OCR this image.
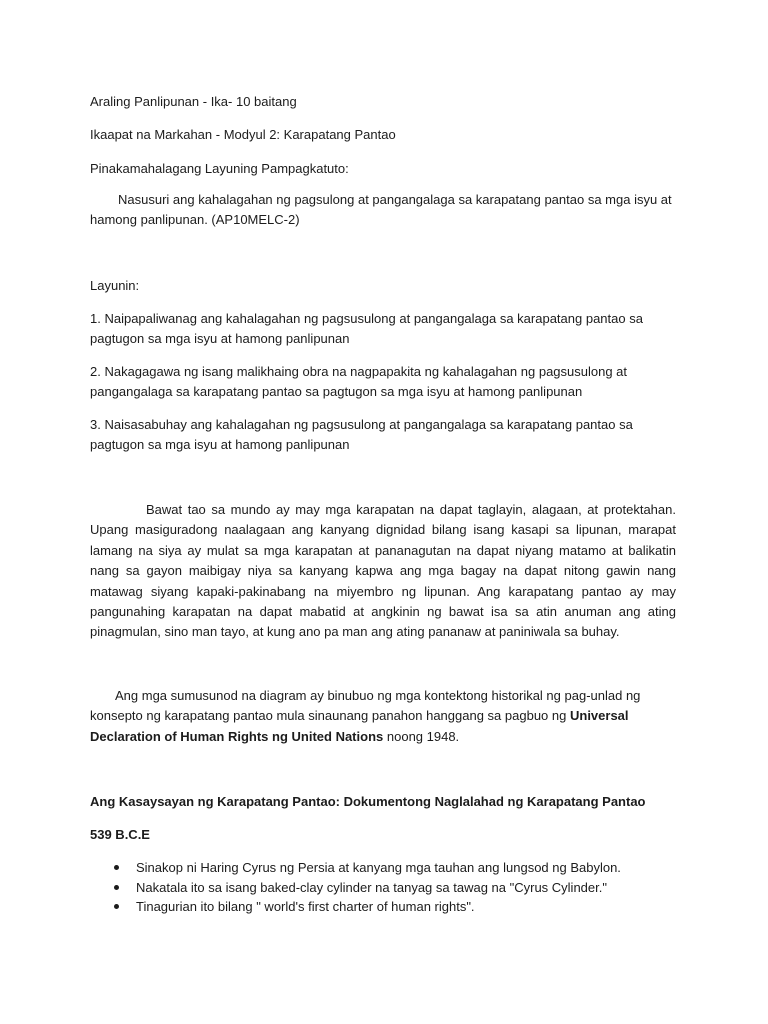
Araling Panlipunan - Ika- 10 baitang
Ikaapat na Markahan - Modyul 2: Karapatang Pantao
Pinakamahalagang Layuning Pampagkatuto:

Nasusuri ang kahalagahan ng pagsulong at pangangalaga sa karapatang pantao sa mga isyu at hamong panlipunan. (AP10MELC-2)

Layunin:

1. Naipapaliwanag ang kahalagahan ng pagsusulong at pangangalaga sa karapatang pantao sa pagtugon sa mga isyu at hamong panlipunan

2. Nakagagawa ng isang malikhaing obra na nagpapakita ng kahalagahan ng pagsusulong at pangangalaga sa karapatang pantao sa pagtugon sa mga isyu at hamong panlipunan

3. Naisasabuhay ang kahalagahan ng pagsusulong at pangangalaga sa karapatang pantao sa pagtugon sa mga isyu at hamong panlipunan

Bawat tao sa mundo ay may mga karapatan na dapat taglayin, alagaan, at protektahan. Upang masiguradong naalagaan ang kanyang dignidad bilang isang kasapi sa lipunan, marapat lamang na siya ay mulat sa mga karapatan at pananagutan na dapat niyang matamo at balikatin nang sa gayon maibigay niya sa kanyang kapwa ang mga bagay na dapat nitong gawin nang matawag siyang kapaki-pakinabang na miyembro ng lipunan. Ang karapatang pantao ay may pangunahing karapatan na dapat mabatid at angkinin ng bawat isa sa atin anuman ang ating pinagmulan, sino man tayo, at kung ano pa man ang ating pananaw at paniniwala sa buhay.

Ang mga sumusunod na diagram ay binubuo ng mga kontektong historikal ng pag-unlad ng konsepto ng karapatang pantao mula sinaunang panahon hanggang sa pagbuo ng Universal Declaration of Human Rights ng United Nations noong 1948.

Ang Kasaysayan ng Karapatang Pantao: Dokumentong Naglalahad ng Karapatang Pantao
539 B.C.E
Sinakop ni Haring Cyrus ng Persia at kanyang mga tauhan ang lungsod ng Babylon.
Nakatala ito sa isang baked-clay cylinder na tanyag sa tawag na "Cyrus Cylinder."
Tinagurian ito bilang " world's first charter of human rights".
